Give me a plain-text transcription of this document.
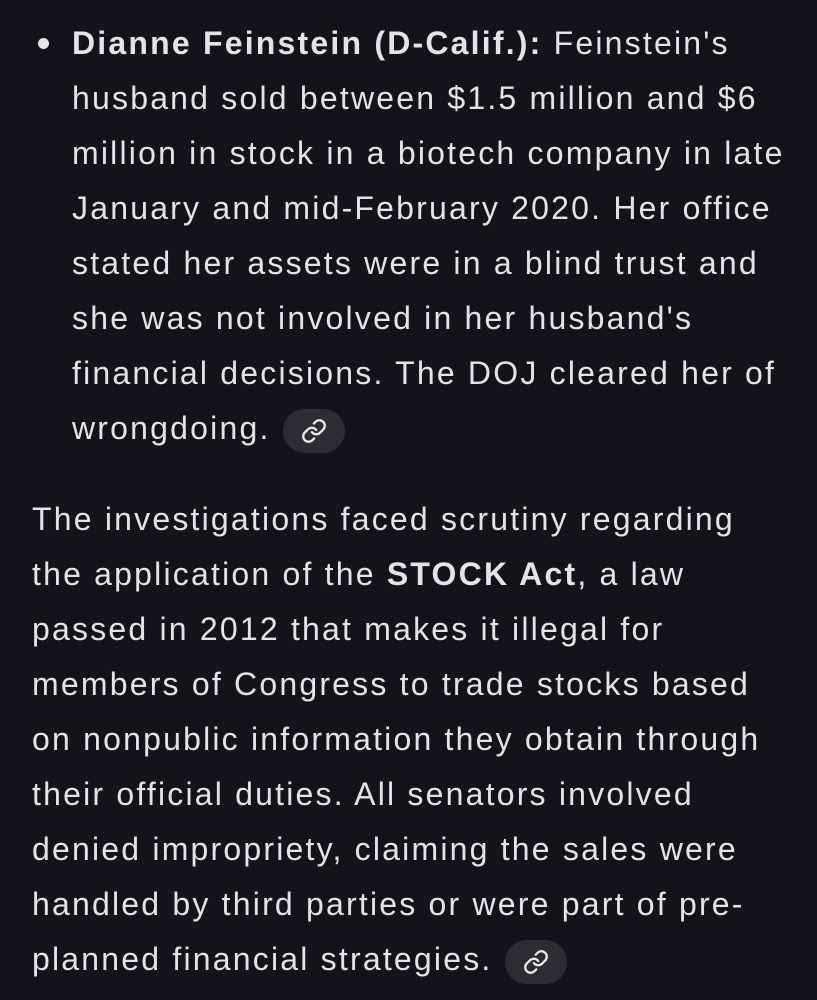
Dianne Feinstein (D-Calif.): Feinstein's husband sold between $1.5 million and $6 million in stock in a biotech company in late January and mid-February 2020. Her office stated her assets were in a blind trust and she was not involved in her husband's financial decisions. The DOJ cleared her of wrongdoing.

The investigations faced scrutiny regarding the application of the STOCK Act, a law passed in 2012 that makes it illegal for members of Congress to trade stocks based on nonpublic information they obtain through their official duties. All senators involved denied impropriety, claiming the sales were handled by third parties or were part of pre-planned financial strategies.
